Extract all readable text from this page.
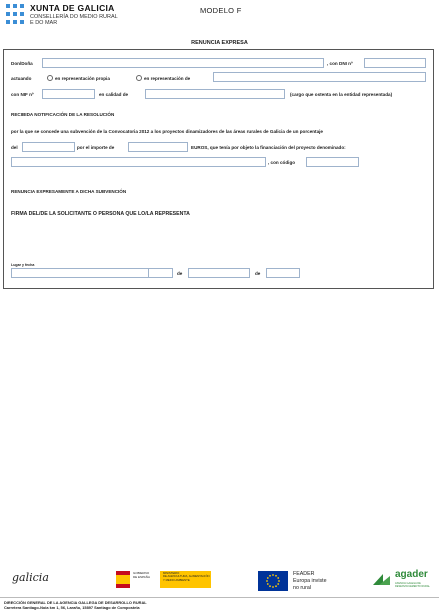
XUNTA DE GALICIA
CONSELLERÍA DO MEDIO RURAL
E DO MAR
MODELO F
RENUNCIA EXPRESA
Don/Doña	, con DNI nº
actuando	en representación propia	en representación de
con NIF nº	en calidad de	(cargo que ostenta en la entidad representada)
RECIBIDA NOTIFICACIÓN DE LA RESOLUCIÓN
por la que se concede una subvención de la Convocatoria 2012 a los proyectos dinamizadores de las áreas rurales de Galicia de un porcentaje
del	por el importe de	EUROS, que tenía por objeto la financiación del proyecto denominado:
, con código
RENUNCIA EXPRESAMENTE A DICHA SUBVENCIÓN
FIRMA DEL/DE LA SOLICITANTE O PERSONA QUE LO/LA REPRESENTA
Lugar y fecha
de	de
galicia	GOBIERNO
DE ESPAÑA
MINISTERIO
DE AGRICULTURA, ALIMENTACIÓN
Y MEDIO AMBIENTE
FEADER
Europa inviste
no rural
agader
AXENCIA GALEGA DE
DESENVOLVEMENTO RURAL
DIRECCIÓN GENERAL DE LA AGENCIA GALLEGA DE DESARROLLO RURAL
Carretera Santiago-Noia km 1, 56, Laraño, 15897 Santiago de Compostela
